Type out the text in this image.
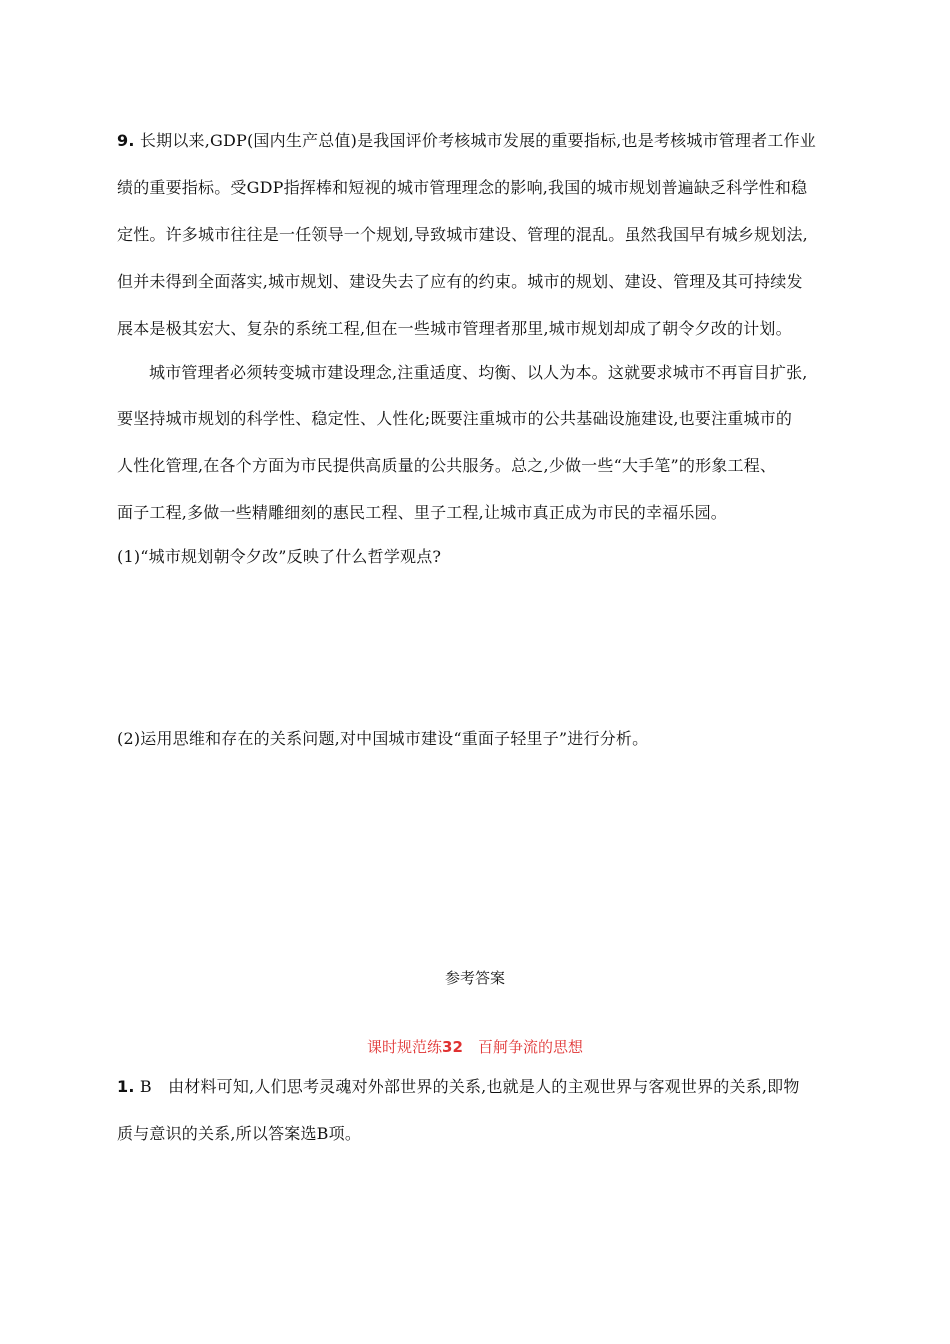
9. 长期以来,GDP(国内生产总值)是我国评价考核城市发展的重要指标,也是考核城市管理者工作业
绩的重要指标。受GDP指挥棒和短视的城市管理理念的影响,我国的城市规划普遍缺乏科学性和稳
定性。许多城市往往是一任领导一个规划,导致城市建设、管理的混乱。虽然我国早有城乡规划法,
但并未得到全面落实,城市规划、建设失去了应有的约束。城市的规划、建设、管理及其可持续发
展本是极其宏大、复杂的系统工程,但在一些城市管理者那里,城市规划却成了朝令夕改的计划。
城市管理者必须转变城市建设理念,注重适度、均衡、以人为本。这就要求城市不再盲目扩张,
要坚持城市规划的科学性、稳定性、人性化;既要注重城市的公共基础设施建设,也要注重城市的
人性化管理,在各个方面为市民提供高质量的公共服务。总之,少做一些“大手笔”的形象工程、
面子工程,多做一些精雕细刻的惠民工程、里子工程,让城市真正成为市民的幸福乐园。
(1)“城市规划朝令夕改”反映了什么哲学观点?
(2)运用思维和存在的关系问题,对中国城市建设“重面子轻里子”进行分析。
参考答案
课时规范练32　 百舸争流的思想
1. B　由材料可知,人们思考灵魂对外部世界的关系,也就是人的主观世界与客观世界的关系,即物
质与意识的关系,所以答案选B项。
